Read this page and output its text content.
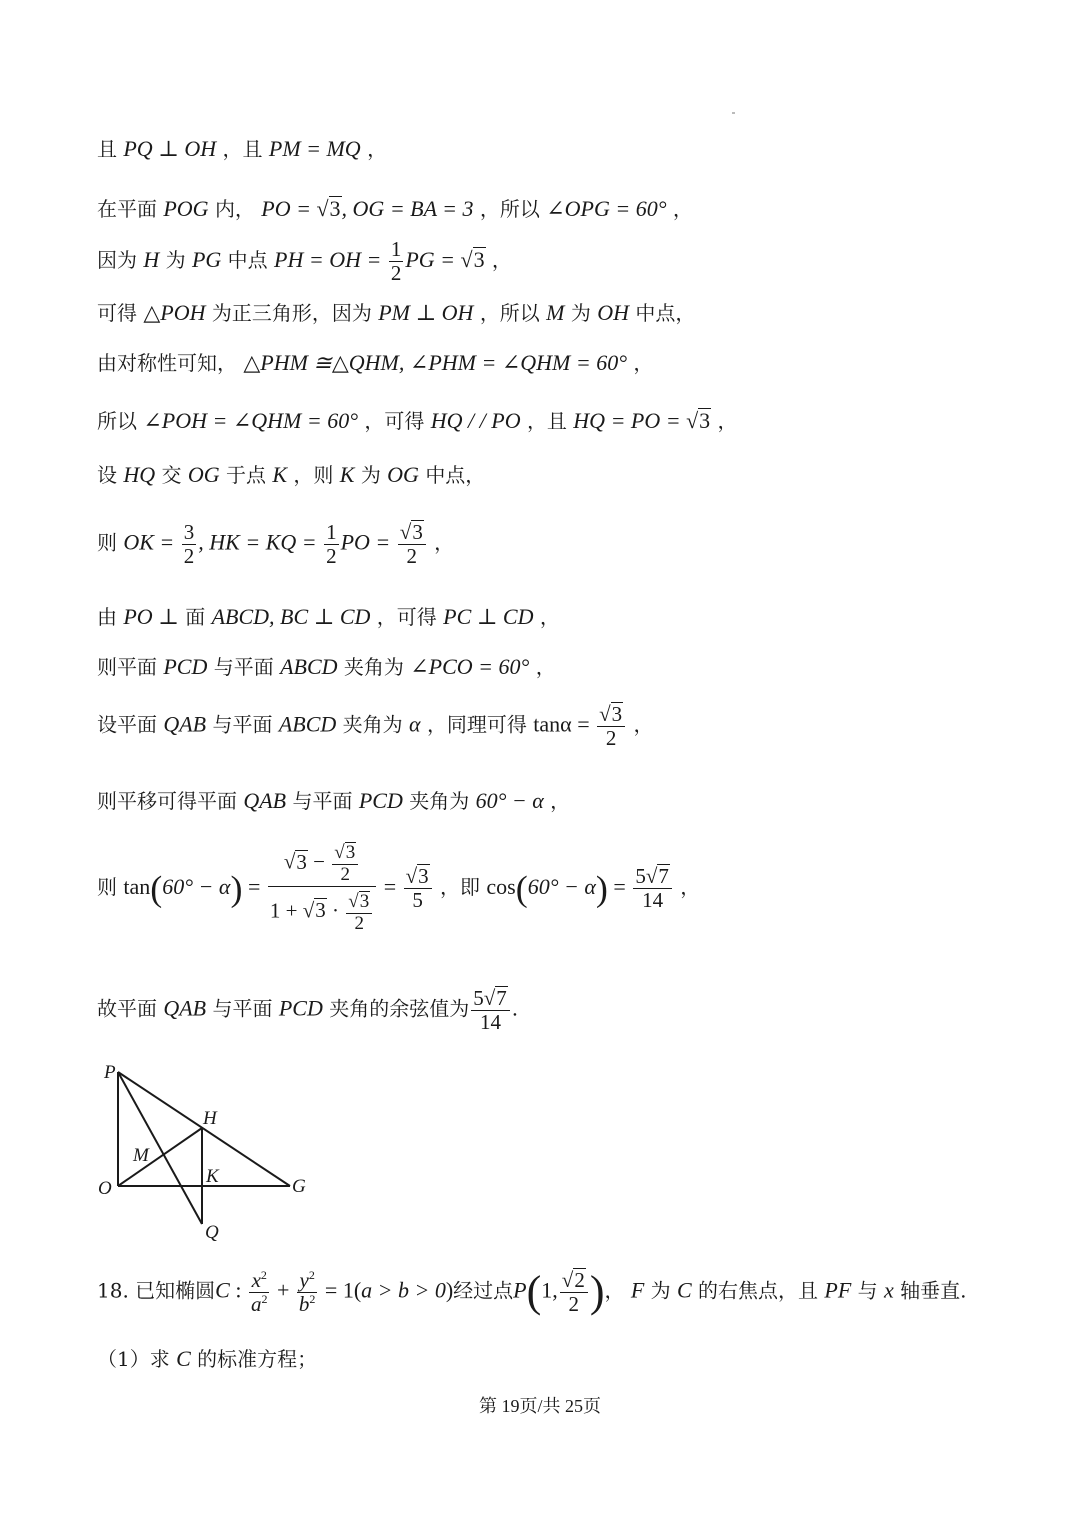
且 PQ ⊥ OH ，且 PM = MQ ，
在平面 POG 内， PO = √3, OG = BA = 3 ，所以 ∠OPG = 60° ，
因为 H 为 PG 中点 PH = OH = $\frac{1}{2}$ PG = √3 ，
可得 △POH 为正三角形，因为 PM ⊥ OH ，所以 M 为 OH 中点，
由对称性可知， △PHM ≅△QHM, ∠PHM = ∠QHM = 60° ，
所以 ∠POH = ∠QHM = 60° ，可得 HQ / / PO ，且 HQ = PO = √3 ，
设 HQ 交 OG 于点 K ，则 K 为 OG 中点，
则 OK = $\frac{3}{2}$ , HK = KQ = $\frac{1}{2}$ PO = $\frac{√3}{2}$ ，
由 PO ⊥ 面 ABCD, BC ⊥ CD ，可得 PC ⊥ CD ，
则平面 PCD 与平面 ABCD 夹角为 ∠PCO = 60° ，
设平面 QAB 与平面 ABCD 夹角为 α ，同理可得 $\tan\alpha = \frac{√3}{2}$ ，
则平移可得平面 QAB 与平面 PCD 夹角为 60° − α ，
则 $\tan(60^\circ - \alpha) = \frac{√3 - \frac{√3}{2}}{1 + √3 \cdot \frac{√3}{2}} = \frac{√3}{5}$ ，即 $\cos(60^\circ - \alpha) = \frac{5√7}{14}$ ，
故平面 QAB 与平面 PCD 夹角的余弦值为 $\frac{5√7}{14}$ .
P
H
M
K
O	G
Q
18. 已知椭圆C : $\frac{x^2}{a^2} + \frac{y^2}{b^2} = 1(a > b > 0)$经过点P(1, $\frac{√2}{2}$ )， F 为 C 的右焦点，且 PF 与 x 轴垂直.
（1）求 C 的标准方程；
第 19页/共 25页
